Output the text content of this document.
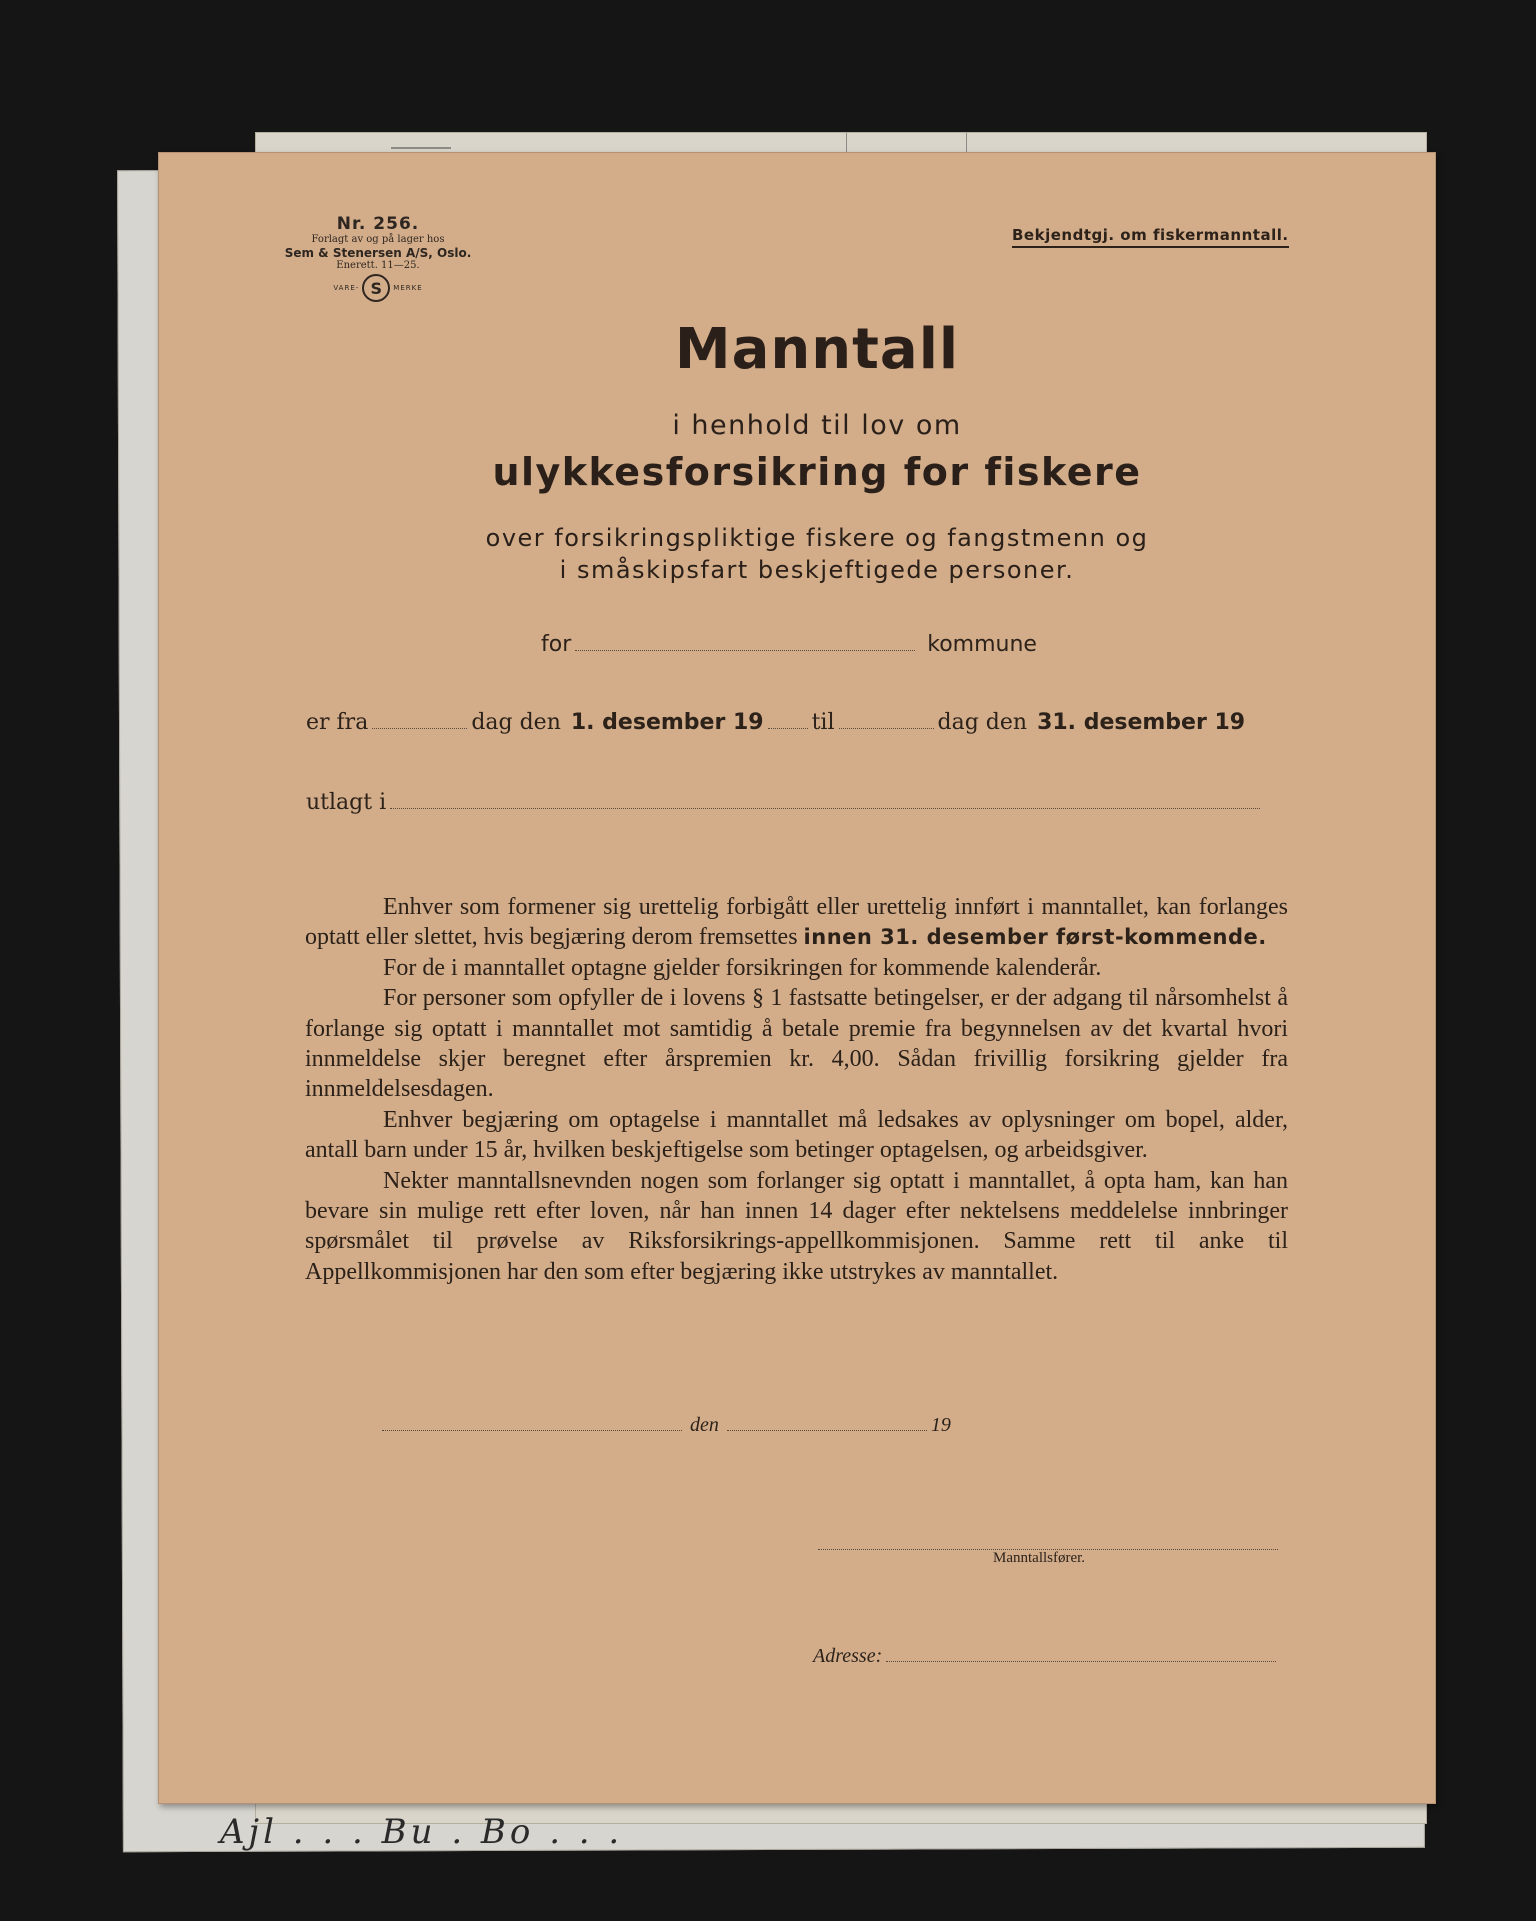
Ajl . . . Bu . Bo . . .
Nr. 256.
Forlagt av og på lager hos
Sem & Stenersen A/S, Oslo.
Enerett. 11—25.
VARE- S	MERKE
Bekjendtgj. om fiskermanntall.
Manntall
i henhold til lov om
ulykkesforsikring for fiskere
over forsikringspliktige fiskere og fangstmenn og
i småskipsfart beskjeftigede personer.
for	kommune
er fra	dag den 1. desember 19 til	dag den 31. desember 19
utlagt i

Enhver som formener sig urettelig forbigått eller urettelig innført i manntallet, kan forlanges optatt eller slettet, hvis begjæring derom fremsettes innen 31. desember først-kommende.

For de i manntallet optagne gjelder forsikringen for kommende kalenderår.

For personer som opfyller de i lovens § 1 fastsatte betingelser, er der adgang til nårsomhelst å forlange sig optatt i manntallet mot samtidig å betale premie fra begynnelsen av det kvartal hvori innmeldelse skjer beregnet efter årspremien kr. 4,00. Sådan frivillig forsikring gjelder fra innmeldelsesdagen.

Enhver begjæring om optagelse i manntallet må ledsakes av oplysninger om bopel, alder, antall barn under 15 år, hvilken beskjeftigelse som betinger optagelsen, og arbeidsgiver.

Nekter manntallsnevnden nogen som forlanger sig optatt i manntallet, å opta ham, kan han bevare sin mulige rett efter loven, når han innen 14 dager efter nektelsens meddelelse innbringer spørsmålet til prøvelse av Riksforsikrings-appellkommisjonen. Samme rett til anke til Appellkommisjonen har den som efter begjæring ikke utstrykes av manntallet.

den	19
Manntallsfører.
Adresse:
